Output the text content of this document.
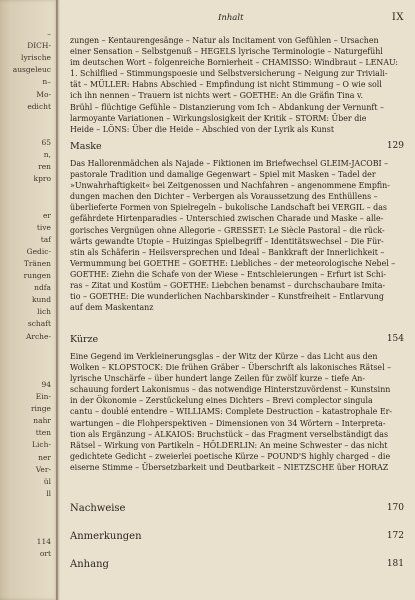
–
DICH-
lyrische
ausgeleuc
n–
Mo-
edicht
65
n,
ren
kpro
er
tive
taf
Gedic-
Tränen
rungen
ndfa
kund
lich
schaft
Arche-
94
Ein-
ringe
nahr
tten
Lich-
ner
Ver-
ül
ll
114
ort
Inhalt	IX
zungen – Kentaurengesänge – Natur als Incitament von Gefühlen – Ursachen
einer Sensation – Selbstgenuß – HEGELS lyrische Terminologie – Naturgefühl
im deutschen Wort – folgenreiche Bornierheit – CHAMISSO: Windbraut – LENAU:
1. Schilflied – Stimmungspoesie und Selbstversicherung – Neigung zur Triviali-
tät – MÜLLER: Habns Abschied – Empfindung ist nicht Stimmung – O wie soll
ich ihn nennen – Trauern ist nichts wert – GOETHE: An die Gräfin Tina v.
Brühl – flüchtige Gefühle – Distanzierung vom Ich – Abdankung der Vernunft –
larmoyante Variationen – Wirkungslosigkeit der Kritik – STORM: Über die
Heide – LÖNS: Über die Heide – Abschied von der Lyrik als Kunst
Maske	129
Das Hallorenmädchen als Najade – Fiktionen im Briefwechsel GLEIM-JACOBI –
pastorale Tradition und damalige Gegenwart – Spiel mit Masken – Tadel der
»Unwahrhaftigkeit« bei Zeitgenossen und Nachfahren – angenommene Empfin-
dungen machen den Dichter – Verbergen als Voraussetzung des Enthüllens –
überlieferte Formen von Spielregeln – bukolische Landschaft bei VERGIL – das
gefährdete Hirtenparadies – Unterschied zwischen Charade und Maske – alle-
gorisches Vergnügen ohne Allegorie – GRESSET: Le Siècle Pastoral – die rück-
wärts gewandte Utopie – Huizingas Spielbegriff – Identitätswechsel – Die Für-
stin als Schäferin – Heilsversprechen und Ideal – Bankkraft der Innerlichkeit –
Vermummung bei GOETHE – GOETHE: Liebliches – der meteorologische Nebel –
GOETHE: Ziehn die Schafe von der Wiese – Entschleierungen – Erfurt ist Schi-
ras – Zitat und Kostüm – GOETHE: Liebchen benamst – durchschaubare Imita-
tio – GOETHE: Die wunderlichen Nachbarskinder – Kunstfreiheit – Entlarvung
auf dem Maskentanz
Kürze	154
Eine Gegend im Verkleinerungsglas – der Witz der Kürze – das Licht aus den
Wolken – KLOPSTOCK: Die frühen Gräber – Überschrift als lakonisches Rätsel –
lyrische Unschärfe – über hundert lange Zeilen für zwölf kurze – tiefe An-
schauung fordert Lakonismus – das notwendige Hinterstzuvördenst – Kunstsinn
in der Ökonomie – Zerstückelung eines Dichters – Brevi complector singula
cantu – doublé entendre – WILLIAMS: Complete Destruction – katastrophale Er-
wartungen – die Flohperspektiven – Dimensionen von 34 Wörtern – Interpreta-
tion als Ergänzung – ALKAIOS: Bruchstück – das Fragment verselbständigt das
Rätsel – Wirkung von Partikeln – HÖLDERLIN: An meine Schwester – das nicht
gedichtete Gedicht – zweierlei poetische Kürze – POUND'S highly charged – die
eiserne Stimme – Übersetzbarkeit und Deutbarkeit – NIETZSCHE über HORAZ
Nachweise	170
Anmerkungen	172
Anhang	181
